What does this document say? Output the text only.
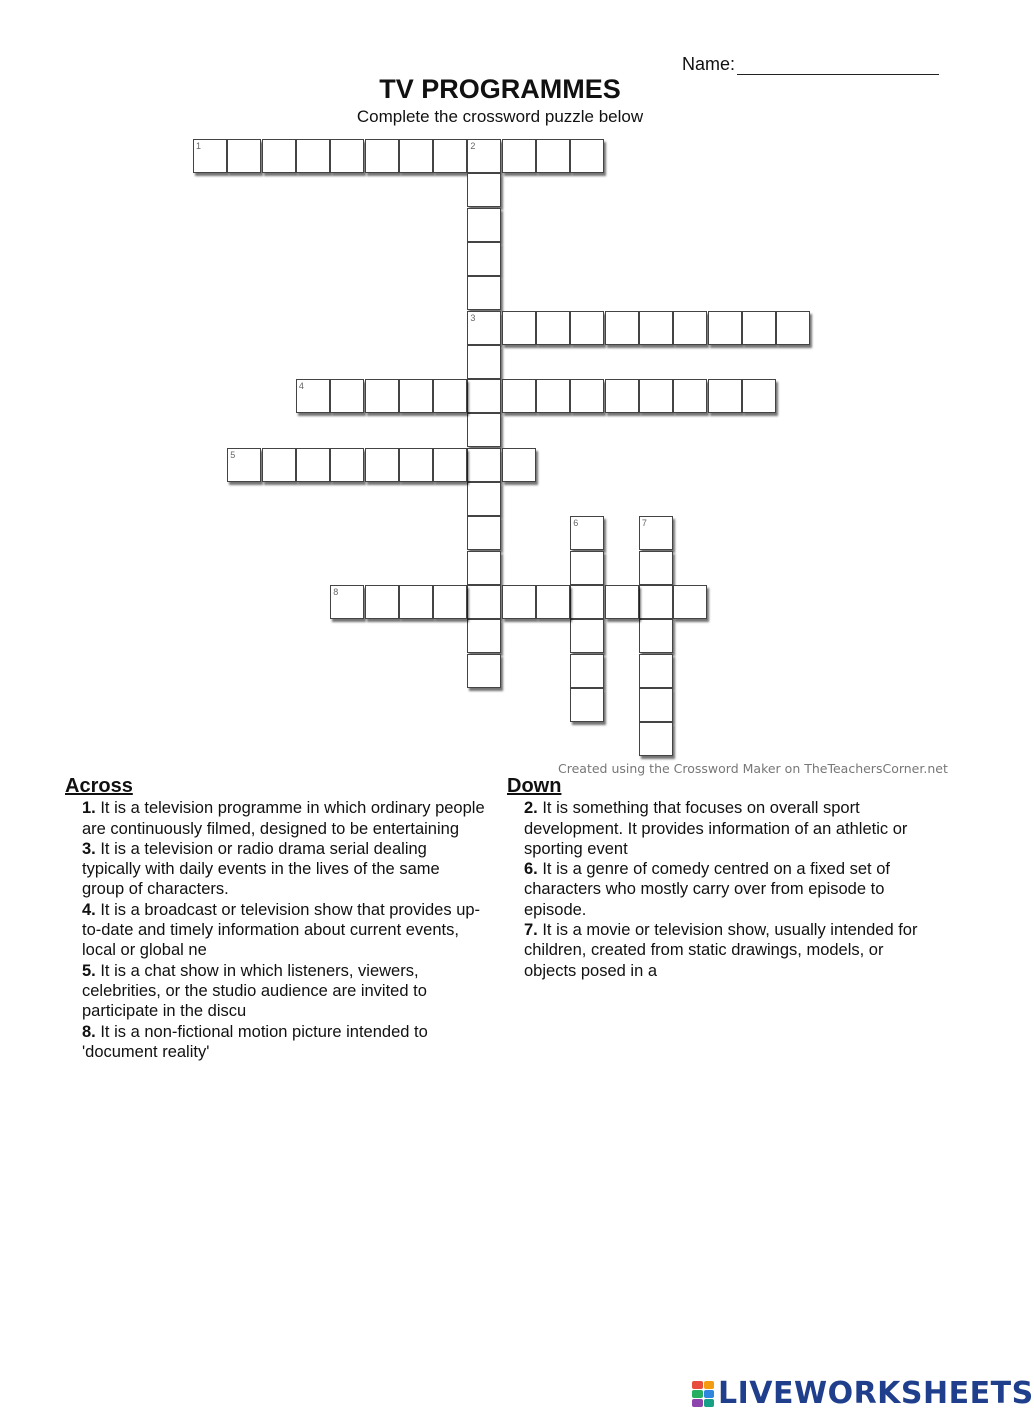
Name:
TV PROGRAMMES
Complete the crossword puzzle below
1	2
3
4
5
6	7
8
Created using the Crossword Maker on TheTeachersCorner.net
Across
1. It is a television programme in which ordinary people are continuously filmed, designed to be entertaining
3. It is a television or radio drama serial dealing typically with daily events in the lives of the same group of characters.
4. It is a broadcast or television show that provides up-to-date and timely information about current events, local or global ne
5. It is a chat show in which listeners, viewers, celebrities, or the studio audience are invited to participate in the discu
8. It is a non-fictional motion picture intended to 'document reality'
Down
2. It is something that focuses on overall sport development. It provides information of an athletic or sporting event
6. It is a genre of comedy centred on a fixed set of characters who mostly carry over from episode to episode.
7. It is a movie or television show, usually intended for children, created from static drawings, models, or objects posed in a
LIVEWORKSHEETS
